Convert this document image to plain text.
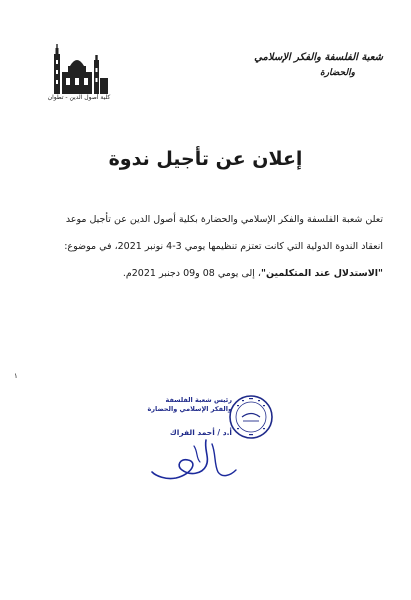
كلية أصول الدين - تطوان
شعبة الفلسفة والفكر الإسلامي
والحضارة
إعلان عن تأجيل ندوة

تعلن شعبة الفلسفة والفكر الإسلامي والحضارة بكلية أصول الدين عن تأجيل موعد

انعقاد الندوة الدولية التي كانت تعتزم تنظيمها يومي 3-4 نونبر 2021، في موضوع:

"الاستدلال عند المتكلمين"، إلى يومي 08 و09 دجنبر 2021م.

١
رئيس شعبة الفلسفة
والفكر الإسلامي والحضارة
أ.د / أحمد الفراك
